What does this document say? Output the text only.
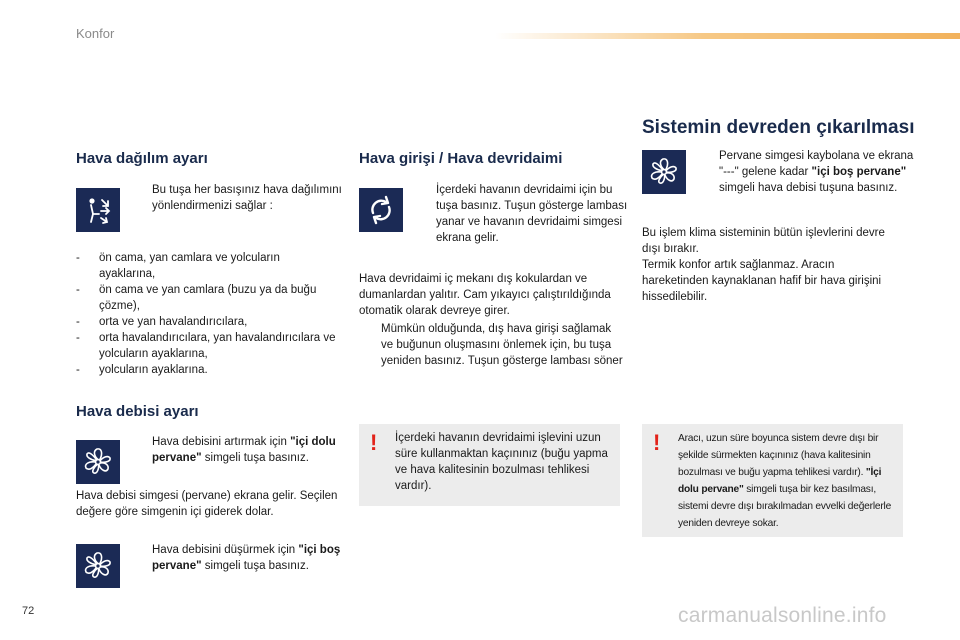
Konfor
Hava dağılım ayarı
Bu tuşa her basışınız hava dağılımını yönlendirmenizi sağlar :
- ön cama, yan camlara ve yolcuların ayaklarına,
- ön cama ve yan camlara (buzu ya da buğu çözme),
- orta ve yan havalandırıcılara,
- orta havalandırıcılara, yan havalandırıcılara ve yolcuların ayaklarına,
- yolcuların ayaklarına.
Hava debisi ayarı
Hava debisini artırmak için "içi dolu pervane" simgeli tuşa basınız.
Hava debisi simgesi (pervane) ekrana gelir. Seçilen değere göre simgenin içi giderek dolar.
Hava debisini düşürmek için "içi boş pervane" simgeli tuşa basınız.
Hava girişi / Hava devridaimi
İçerdeki havanın devridaimi için bu tuşa basınız. Tuşun gösterge lambası yanar ve havanın devridaimi simgesi ekrana gelir.
Hava devridaimi iç mekanı dış kokulardan ve dumanlardan yalıtır. Cam yıkayıcı çalıştırıldığında otomatik olarak devreye girer.
Mümkün olduğunda, dış hava girişi sağlamak ve buğunun oluşmasını önlemek için, bu tuşa yeniden basınız. Tuşun gösterge lambası söner
! İçerdeki havanın devridaimi işlevini uzun süre kullanmaktan kaçınınız (buğu yapma ve hava kalitesinin bozulması tehlikesi vardır).
Sistemin devreden çıkarılması
Pervane simgesi kaybolana ve ekrana "---" gelene kadar "içi boş pervane" simgeli hava debisi tuşuna basınız.
Bu işlem klima sisteminin bütün işlevlerini devre dışı bırakır.
Termik konfor artık sağlanmaz. Aracın hareketinden kaynaklanan hafif bir hava girişini hissedilebilir.
! Aracı, uzun süre boyunca sistem devre dışı bir şekilde sürmekten kaçınınız (hava kalitesinin bozulması ve buğu yapma tehlikesi vardır). "İçi dolu pervane" simgeli tuşa bir kez basılması, sistemi devre dışı bırakılmadan evvelki değerlerle yeniden devreye sokar.
72	carmanualsonline.info
